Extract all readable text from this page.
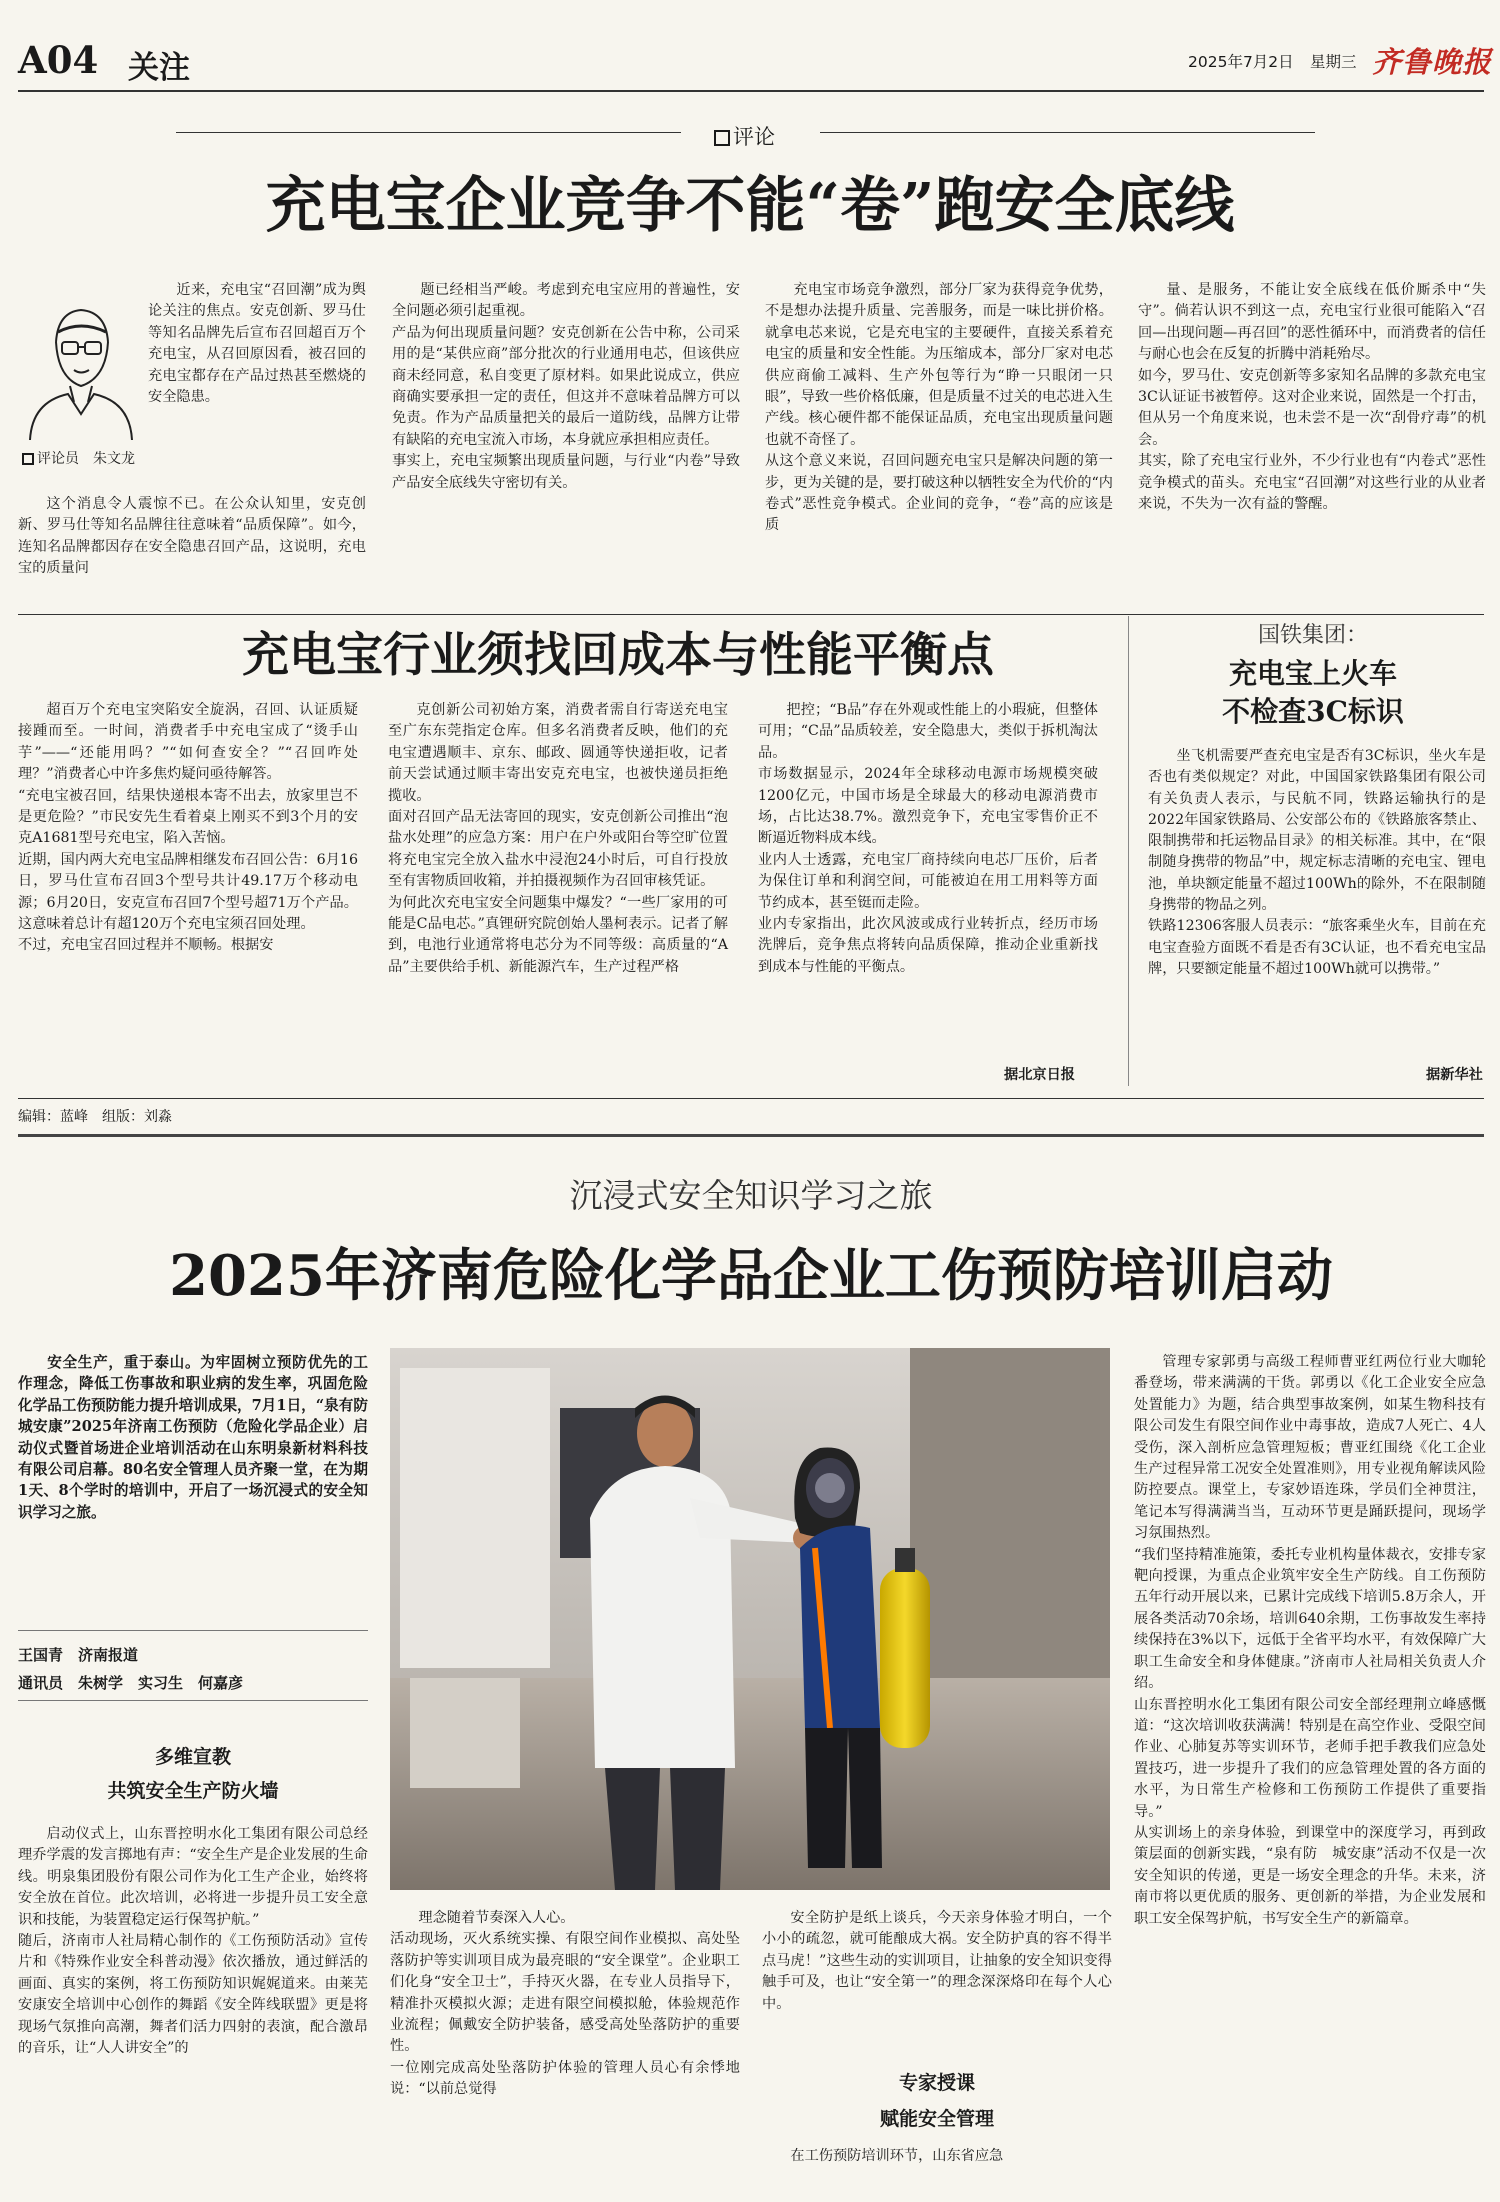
A04 关注	2025年7月2日 星期三 齐鲁晚报
评论
充电宝企业竞争不能“卷”跑安全底线
近来，充电宝“召回潮”成为舆论关注的焦点。安克创新、罗马仕等知名品牌先后宣布召回超百万个充电宝，从召回原因看，被召回的充电宝都存在产品过热甚至燃烧的安全隐患。
评论员　朱文龙
这个消息令人震惊不已。在公众认知里，安克创新、罗马仕等知名品牌往往意味着“品质保障”。如今，连知名品牌都因存在安全隐患召回产品，这说明，充电宝的质量问
题已经相当严峻。考虑到充电宝应用的普遍性，安全问题必须引起重视。
产品为何出现质量问题？安克创新在公告中称，公司采用的是“某供应商”部分批次的行业通用电芯，但该供应商未经同意，私自变更了原材料。如果此说成立，供应商确实要承担一定的责任，但这并不意味着品牌方可以免责。作为产品质量把关的最后一道防线，品牌方让带有缺陷的充电宝流入市场，本身就应承担相应责任。
事实上，充电宝频繁出现质量问题，与行业“内卷”导致产品安全底线失守密切有关。
充电宝市场竞争激烈，部分厂家为获得竞争优势，不是想办法提升质量、完善服务，而是一味比拼价格。就拿电芯来说，它是充电宝的主要硬件，直接关系着充电宝的质量和安全性能。为压缩成本，部分厂家对电芯供应商偷工减料、生产外包等行为“睁一只眼闭一只眼”，导致一些价格低廉，但是质量不过关的电芯进入生产线。核心硬件都不能保证品质，充电宝出现质量问题也就不奇怪了。
从这个意义来说，召回问题充电宝只是解决问题的第一步，更为关键的是，要打破这种以牺牲安全为代价的“内卷式”恶性竞争模式。企业间的竞争，“卷”高的应该是质
量、是服务，不能让安全底线在低价厮杀中“失守”。倘若认识不到这一点，充电宝行业很可能陷入“召回—出现问题—再召回”的恶性循环中，而消费者的信任与耐心也会在反复的折腾中消耗殆尽。
如今，罗马仕、安克创新等多家知名品牌的多款充电宝3C认证证书被暂停。这对企业来说，固然是一个打击，但从另一个角度来说，也未尝不是一次“刮骨疗毒”的机会。
其实，除了充电宝行业外，不少行业也有“内卷式”恶性竞争模式的苗头。充电宝“召回潮”对这些行业的从业者来说，不失为一次有益的警醒。
充电宝行业须找回成本与性能平衡点
超百万个充电宝突陷安全旋涡，召回、认证质疑接踵而至。一时间，消费者手中充电宝成了“烫手山芋”——“还能用吗？”“如何查安全？”“召回咋处理？”消费者心中许多焦灼疑问亟待解答。
“充电宝被召回，结果快递根本寄不出去，放家里岂不是更危险？”市民安先生看着桌上刚买不到3个月的安克A1681型号充电宝，陷入苦恼。
近期，国内两大充电宝品牌相继发布召回公告：6月16日，罗马仕宣布召回3个型号共计49.17万个移动电源；6月20日，安克宣布召回7个型号超71万个产品。这意味着总计有超120万个充电宝须召回处理。
不过，充电宝召回过程并不顺畅。根据安
克创新公司初始方案，消费者需自行寄送充电宝至广东东莞指定仓库。但多名消费者反映，他们的充电宝遭遇顺丰、京东、邮政、圆通等快递拒收，记者前天尝试通过顺丰寄出安克充电宝，也被快递员拒绝揽收。
面对召回产品无法寄回的现实，安克创新公司推出“泡盐水处理”的应急方案：用户在户外或阳台等空旷位置将充电宝完全放入盐水中浸泡24小时后，可自行投放至有害物质回收箱，并拍摄视频作为召回审核凭证。
为何此次充电宝安全问题集中爆发？“一些厂家用的可能是C品电芯。”真锂研究院创始人墨柯表示。记者了解到，电池行业通常将电芯分为不同等级：高质量的“A品”主要供给手机、新能源汽车，生产过程严格
把控；“B品”存在外观或性能上的小瑕疵，但整体可用；“C品”品质较差，安全隐患大，类似于拆机淘汰品。
市场数据显示，2024年全球移动电源市场规模突破1200亿元，中国市场是全球最大的移动电源消费市场，占比达38.7%。激烈竞争下，充电宝零售价正不断逼近物料成本线。
业内人士透露，充电宝厂商持续向电芯厂压价，后者为保住订单和利润空间，可能被迫在用工用料等方面节约成本，甚至铤而走险。
业内专家指出，此次风波或成行业转折点，经历市场洗牌后，竞争焦点将转向品质保障，推动企业重新找到成本与性能的平衡点。
据北京日报
国铁集团：
充电宝上火车
不检查3C标识
坐飞机需要严查充电宝是否有3C标识，坐火车是否也有类似规定？对此，中国国家铁路集团有限公司有关负责人表示，与民航不同，铁路运输执行的是2022年国家铁路局、公安部公布的《铁路旅客禁止、限制携带和托运物品目录》的相关标准。其中，在“限制随身携带的物品”中，规定标志清晰的充电宝、锂电池，单块额定能量不超过100Wh的除外，不在限制随身携带的物品之列。
铁路12306客服人员表示：“旅客乘坐火车，目前在充电宝查验方面既不看是否有3C认证，也不看充电宝品牌，只要额定能量不超过100Wh就可以携带。”
据新华社
编辑：蓝峰　组版：刘淼
沉浸式安全知识学习之旅
2025年济南危险化学品企业工伤预防培训启动
安全生产，重于泰山。为牢固树立预防优先的工作理念，降低工伤事故和职业病的发生率，巩固危险化学品工伤预防能力提升培训成果，7月1日，“泉有防　城安康”2025年济南工伤预防（危险化学品企业）启动仪式暨首场进企业培训活动在山东明泉新材料科技有限公司启幕。80名安全管理人员齐聚一堂，在为期1天、8个学时的培训中，开启了一场沉浸式的安全知识学习之旅。
王国青　济南报道
通讯员　朱树学　实习生　何嘉彦
多维宣教
共筑安全生产防火墙
启动仪式上，山东晋控明水化工集团有限公司总经理乔学震的发言掷地有声：“安全生产是企业发展的生命线。明泉集团股份有限公司作为化工生产企业，始终将安全放在首位。此次培训，必将进一步提升员工安全意识和技能，为装置稳定运行保驾护航。”
随后，济南市人社局精心制作的《工伤预防活动》宣传片和《特殊作业安全科普动漫》依次播放，通过鲜活的画面、真实的案例，将工伤预防知识娓娓道来。由莱芜安康安全培训中心创作的舞蹈《安全阵线联盟》更是将现场气氛推向高潮，舞者们活力四射的表演，配合激昂的音乐，让“人人讲安全”的
理念随着节奏深入人心。
活动现场，灭火系统实操、有限空间作业模拟、高处坠落防护等实训项目成为最亮眼的“安全课堂”。企业职工们化身“安全卫士”，手持灭火器，在专业人员指导下，精准扑灭模拟火源；走进有限空间模拟舱，体验规范作业流程；佩戴安全防护装备，感受高处坠落防护的重要性。
一位刚完成高处坠落防护体验的管理人员心有余悸地说：“以前总觉得
安全防护是纸上谈兵，今天亲身体验才明白，一个小小的疏忽，就可能酿成大祸。安全防护真的容不得半点马虎！”这些生动的实训项目，让抽象的安全知识变得触手可及，也让“安全第一”的理念深深烙印在每个人心中。
专家授课
赋能安全管理
在工伤预防培训环节，山东省应急
管理专家郭勇与高级工程师曹亚红两位行业大咖轮番登场，带来满满的干货。郭勇以《化工企业安全应急处置能力》为题，结合典型事故案例，如某生物科技有限公司发生有限空间作业中毒事故，造成7人死亡、4人受伤，深入剖析应急管理短板；曹亚红围绕《化工企业生产过程异常工况安全处置准则》，用专业视角解读风险防控要点。课堂上，专家妙语连珠，学员们全神贯注，笔记本写得满满当当，互动环节更是踊跃提问，现场学习氛围热烈。
“我们坚持精准施策，委托专业机构量体裁衣，安排专家靶向授课，为重点企业筑牢安全生产防线。自工伤预防五年行动开展以来，已累计完成线下培训5.8万余人，开展各类活动70余场，培训640余期，工伤事故发生率持续保持在3%以下，远低于全省平均水平，有效保障广大职工生命安全和身体健康。”济南市人社局相关负责人介绍。
山东晋控明水化工集团有限公司安全部经理荆立峰感慨道：“这次培训收获满满！特别是在高空作业、受限空间作业、心肺复苏等实训环节，老师手把手教我们应急处置技巧，进一步提升了我们的应急管理处置的各方面的水平，为日常生产检修和工伤预防工作提供了重要指导。”
从实训场上的亲身体验，到课堂中的深度学习，再到政策层面的创新实践，“泉有防　城安康”活动不仅是一次安全知识的传递，更是一场安全理念的升华。未来，济南市将以更优质的服务、更创新的举措，为企业发展和职工安全保驾护航，书写安全生产的新篇章。
